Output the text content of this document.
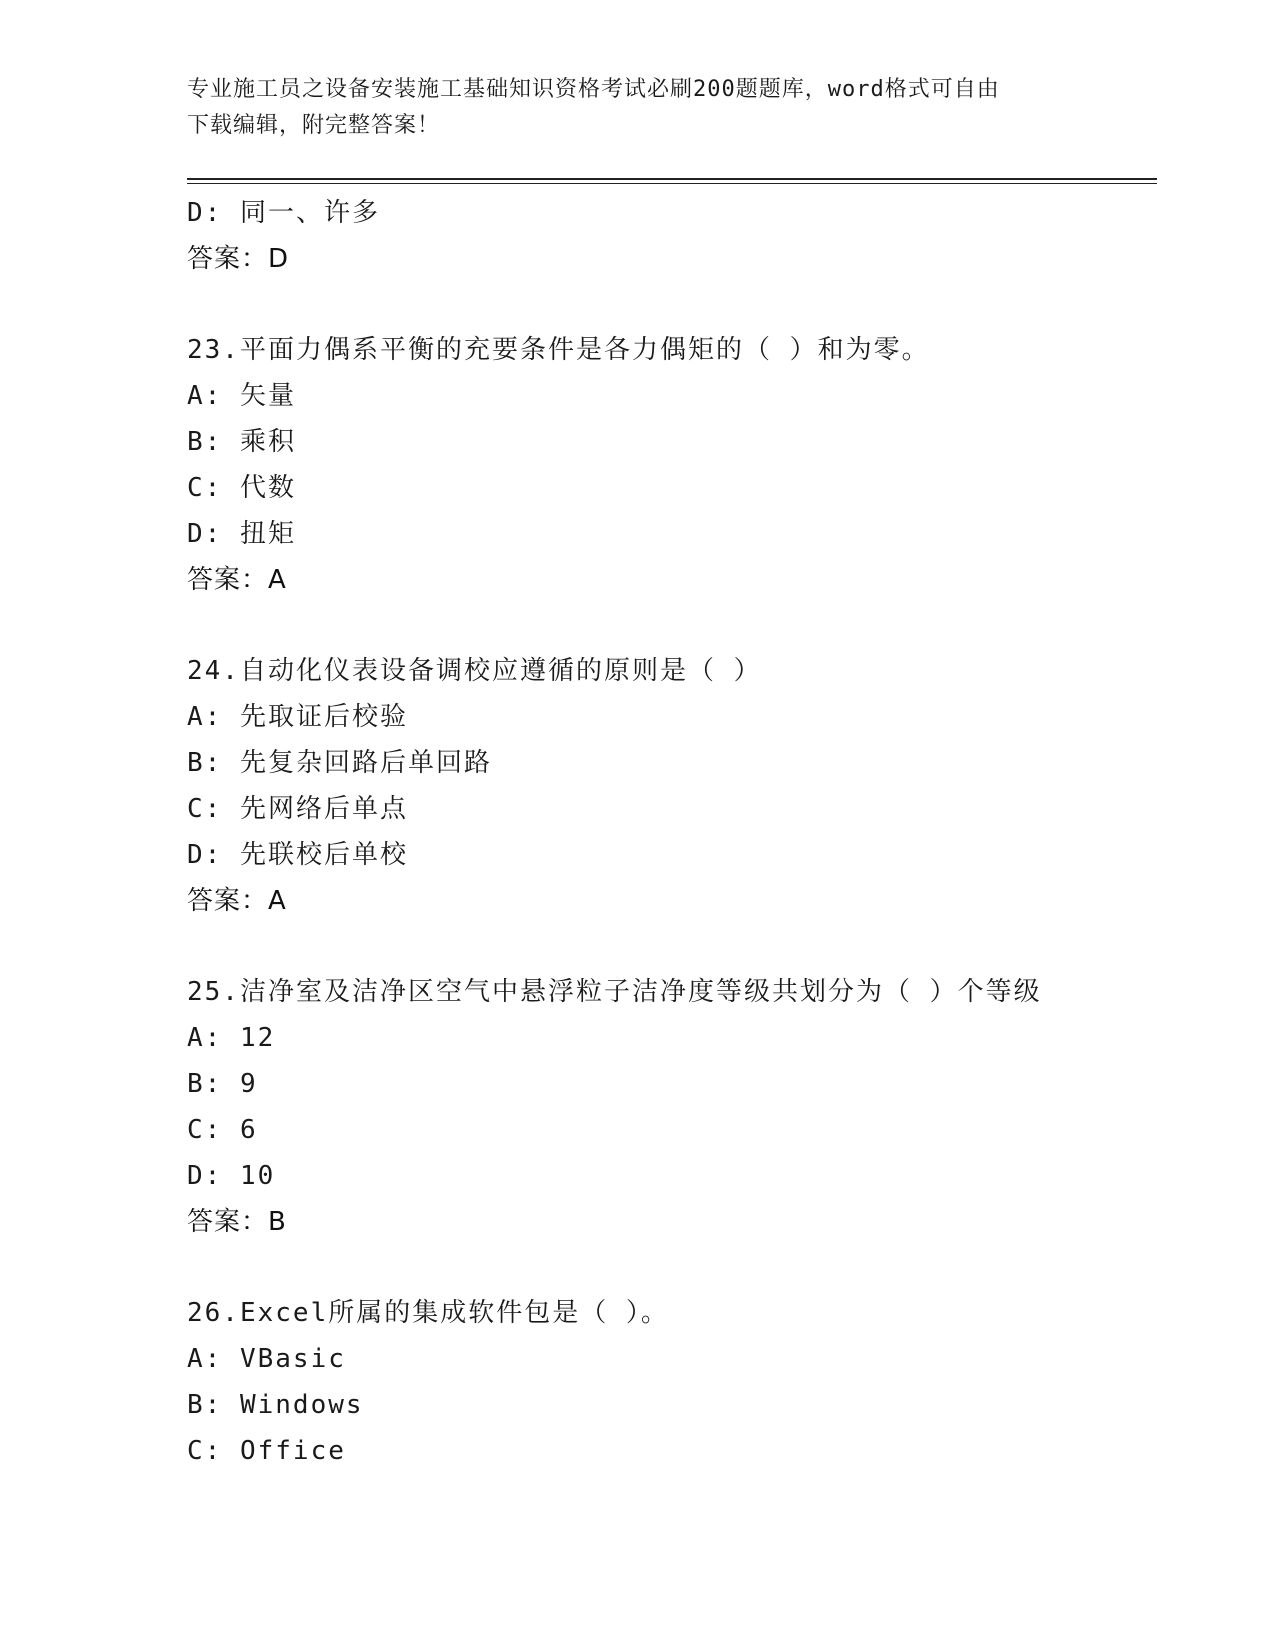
专业施工员之设备安装施工基础知识资格考试必刷200题题库，word格式可自由
下载编辑，附完整答案！
D: 同一、许多
答案：D
23.平面力偶系平衡的充要条件是各力偶矩的（ ）和为零。
A: 矢量
B: 乘积
C: 代数
D: 扭矩
答案：A
24.自动化仪表设备调校应遵循的原则是（ ）
A: 先取证后校验
B: 先复杂回路后单回路
C: 先网络后单点
D: 先联校后单校
答案：A
25.洁净室及洁净区空气中悬浮粒子洁净度等级共划分为（ ）个等级
A: 12
B: 9
C: 6
D: 10
答案：B
26.Excel所属的集成软件包是（ ）。
A: VBasic
B: Windows
C: Office
